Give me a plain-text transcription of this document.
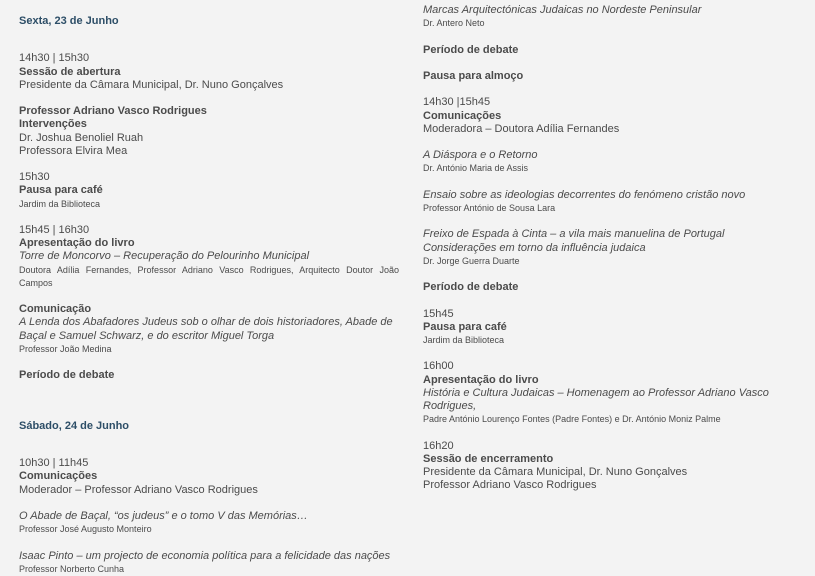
Sexta, 23 de Junho

14h30 | 15h30

Sessão de abertura

Presidente da Câmara Municipal, Dr. Nuno Gonçalves

Professor Adriano Vasco Rodrigues

Intervenções

Dr. Joshua Benoliel Ruah

Professora Elvira Mea

15h30

Pausa para café

Jardim da Biblioteca

15h45 | 16h30

Apresentação do livro

Torre de Moncorvo – Recuperação do Pelourinho Municipal

Doutora Adília Fernandes, Professor Adriano Vasco Rodrigues, Arquitecto Doutor João Campos

Comunicação

A Lenda dos Abafadores Judeus sob o olhar de dois historiadores, Abade de Baçal e Samuel Schwarz, e do escritor Miguel Torga

Professor João Medina

Período de debate

Sábado, 24 de Junho

10h30 | 11h45

Comunicações

Moderador – Professor Adriano Vasco Rodrigues

O Abade de Baçal, “os judeus” e o tomo V das Memórias…

Professor José Augusto Monteiro

Isaac Pinto – um projecto de economia política para a felicidade das nações

Professor Norberto Cunha

Marcas Arquitectónicas Judaicas no Nordeste Peninsular

Dr. Antero Neto

Período de debate

Pausa para almoço

14h30 |15h45

Comunicações

Moderadora – Doutora Adília Fernandes

A Diáspora e o Retorno

Dr. António Maria de Assis

Ensaio sobre as ideologias decorrentes do fenómeno cristão novo

Professor António de Sousa Lara

Freixo de Espada à Cinta – a vila mais manuelina de Portugal

Considerações em torno da influência judaica

Dr. Jorge Guerra Duarte

Período de debate

15h45

Pausa para café

Jardim da Biblioteca

16h00

Apresentação do livro

História e Cultura Judaicas – Homenagem ao Professor Adriano Vasco Rodrigues,

Padre António Lourenço Fontes (Padre Fontes) e Dr. António Moniz Palme

16h20

Sessão de encerramento

Presidente da Câmara Municipal, Dr. Nuno Gonçalves

Professor Adriano Vasco Rodrigues
